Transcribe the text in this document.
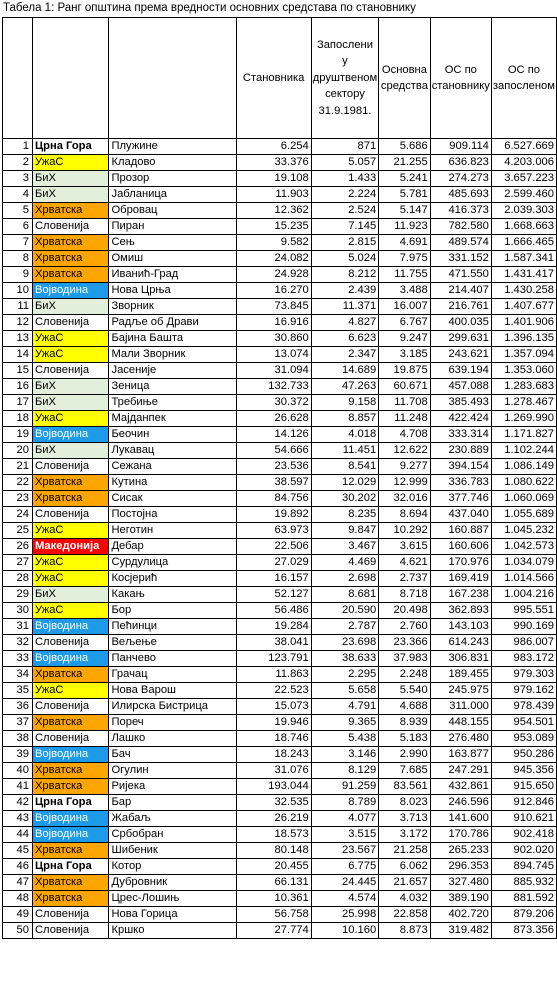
Табела 1: Ранг општина према вредности основних средстава по становнику
			Становника	Запослени у друштвеном сектору 31.9.1981.	Основна средства	ОС по становнику	ОС по запосленом
1	Црна Гора	Плужине	6.254	871	5.686	909.114	6.527.669
2	УжаС	Кладово	33.376	5.057	21.255	636.823	4.203.006
3	БиХ	Прозор	19.108	1.433	5.241	274.273	3.657.223
4	БиХ	Јабланица	11.903	2.224	5.781	485.693	2.599.460
5	Хрватска	Обровац	12.362	2.524	5.147	416.373	2.039.303
6	Словенија	Пиран	15.235	7.145	11.923	782.580	1.668.663
7	Хрватска	Сењ	9.582	2.815	4.691	489.574	1.666.465
8	Хрватска	Омиш	24.082	5.024	7.975	331.152	1.587.341
9	Хрватска	Иванић-Град	24.928	8.212	11.755	471.550	1.431.417
10	Војводина	Нова Црња	16.270	2.439	3.488	214.407	1.430.258
11	БиХ	Зворник	73.845	11.371	16.007	216.761	1.407.677
12	Словенија	Радље об Драви	16.916	4.827	6.767	400.035	1.401.906
13	УжаС	Бајина Башта	30.860	6.623	9.247	299.631	1.396.135
14	УжаС	Мали Зворник	13.074	2.347	3.185	243.621	1.357.094
15	Словенија	Јасеније	31.094	14.689	19.875	639.194	1.353.060
16	БиХ	Зеница	132.733	47.263	60.671	457.088	1.283.683
17	БиХ	Требиње	30.372	9.158	11.708	385.493	1.278.467
18	УжаС	Мајданпек	26.628	8.857	11.248	422.424	1.269.990
19	Војводина	Беочин	14.126	4.018	4.708	333.314	1.171.827
20	БиХ	Лукавац	54.666	11.451	12.622	230.889	1.102.244
21	Словенија	Сежана	23.536	8.541	9.277	394.154	1.086.149
22	Хрватска	Кутина	38.597	12.029	12.999	336.783	1.080.622
23	Хрватска	Сисак	84.756	30.202	32.016	377.746	1.060.069
24	Словенија	Постојна	19.892	8.235	8.694	437.040	1.055.689
25	УжаС	Неготин	63.973	9.847	10.292	160.887	1.045.232
26	Македонија	Дебар	22.506	3.467	3.615	160.606	1.042.573
27	УжаС	Сурдулица	27.029	4.469	4.621	170.976	1.034.079
28	УжаС	Косјерић	16.157	2.698	2.737	169.419	1.014.566
29	БиХ	Какањ	52.127	8.681	8.718	167.238	1.004.216
30	УжаС	Бор	56.486	20.590	20.498	362.893	995.551
31	Војводина	Пећинци	19.284	2.787	2.760	143.103	990.169
32	Словенија	Вељење	38.041	23.698	23.366	614.243	986.007
33	Војводина	Панчево	123.791	38.633	37.983	306.831	983.172
34	Хрватска	Грачац	11.863	2.295	2.248	189.455	979.303
35	УжаС	Нова Варош	22.523	5.658	5.540	245.975	979.162
36	Словенија	Илирска Бистрица	15.073	4.791	4.688	311.000	978.439
37	Хрватска	Пореч	19.946	9.365	8.939	448.155	954.501
38	Словенија	Лашко	18.746	5.438	5.183	276.480	953.089
39	Војводина	Бач	18.243	3.146	2.990	163.877	950.286
40	Хрватска	Огулин	31.076	8.129	7.685	247.291	945.356
41	Хрватска	Ријека	193.044	91.259	83.561	432.861	915.650
42	Црна Гора	Бар	32.535	8.789	8.023	246.596	912.846
43	Војводина	Жабаљ	26.219	4.077	3.713	141.600	910.621
44	Војводина	Србобран	18.573	3.515	3.172	170.786	902.418
45	Хрватска	Шибеник	80.148	23.567	21.258	265.233	902.020
46	Црна Гора	Котор	20.455	6.775	6.062	296.353	894.745
47	Хрватска	Дубровник	66.131	24.445	21.657	327.480	885.932
48	Хрватска	Црес-Лошињ	10.361	4.574	4.032	389.190	881.592
49	Словенија	Нова Горица	56.758	25.998	22.858	402.720	879.206
50	Словенија	Кршко	27.774	10.160	8.873	319.482	873.356
